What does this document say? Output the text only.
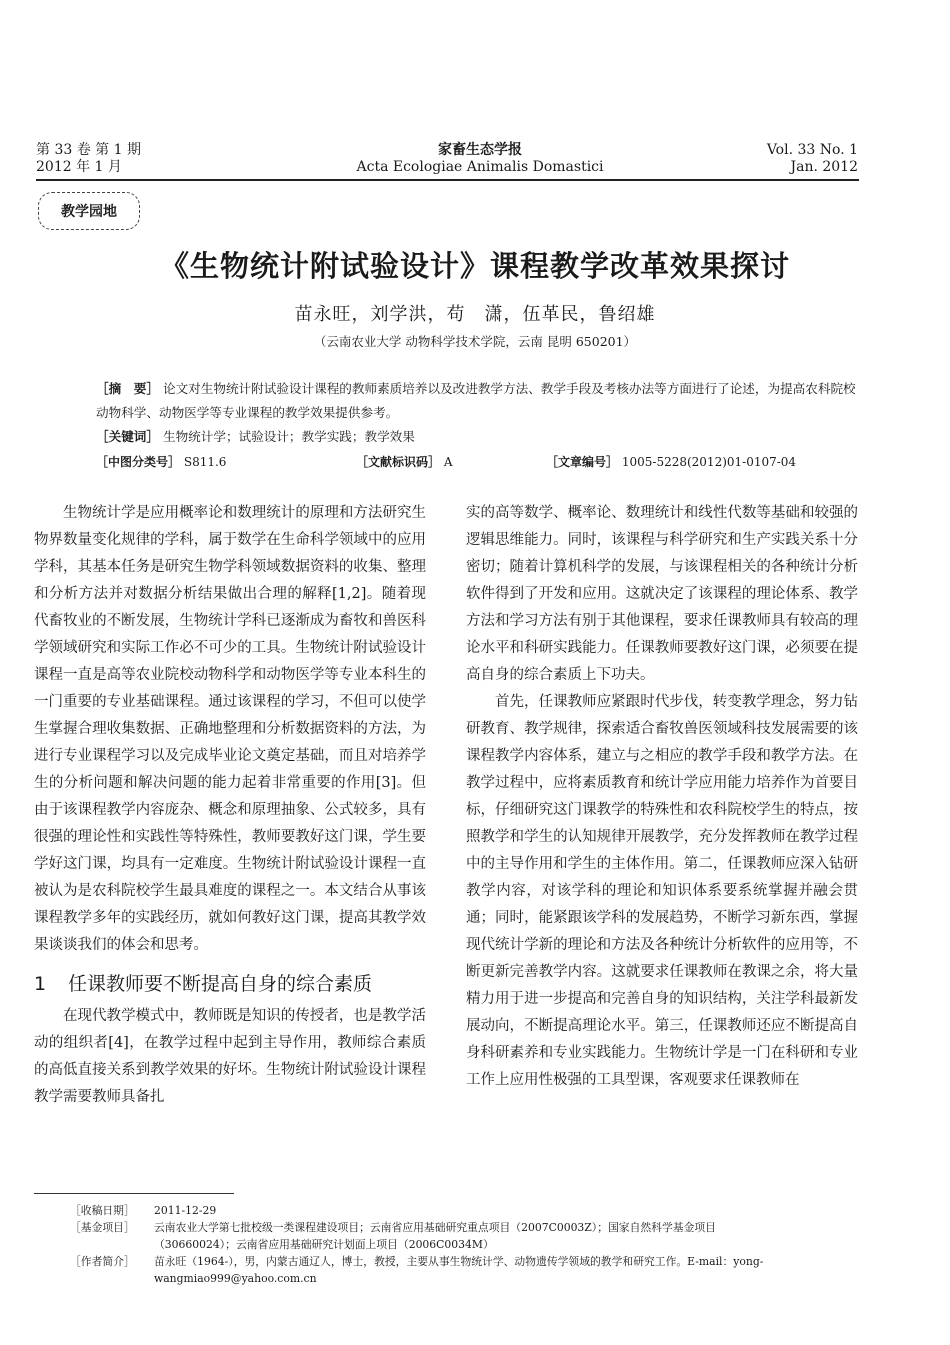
第 33 卷 第 1 期
2012 年 1 月
家畜生态学报
Acta Ecologiae Animalis Domastici
Vol. 33 No. 1
Jan. 2012
教学园地
《生物统计附试验设计》课程教学改革效果探讨
苗永旺，刘学洪，苟　潇，伍革民，鲁绍雄
（云南农业大学 动物科学技术学院，云南 昆明 650201）
［摘　要］ 论文对生物统计附试验设计课程的教师素质培养以及改进教学方法、教学手段及考核办法等方面进行了论述，为提高农科院校动物科学、动物医学等专业课程的教学效果提供参考。
［关键词］ 生物统计学；试验设计；教学实践；教学效果
［中图分类号］ S811.6	［文献标识码］ A	［文章编号］ 1005-5228(2012)01-0107-04

生物统计学是应用概率论和数理统计的原理和方法研究生物界数量变化规律的学科，属于数学在生命科学领域中的应用学科，其基本任务是研究生物学科领域数据资料的收集、整理和分析方法并对数据分析结果做出合理的解释[1,2]。随着现代畜牧业的不断发展，生物统计学科已逐渐成为畜牧和兽医科学领域研究和实际工作必不可少的工具。生物统计附试验设计课程一直是高等农业院校动物科学和动物医学等专业本科生的一门重要的专业基础课程。通过该课程的学习，不但可以使学生掌握合理收集数据、正确地整理和分析数据资料的方法，为进行专业课程学习以及完成毕业论文奠定基础，而且对培养学生的分析问题和解决问题的能力起着非常重要的作用[3]。但由于该课程教学内容庞杂、概念和原理抽象、公式较多，具有很强的理论性和实践性等特殊性，教师要教好这门课，学生要学好这门课，均具有一定难度。生物统计附试验设计课程一直被认为是农科院校学生最具难度的课程之一。本文结合从事该课程教学多年的实践经历，就如何教好这门课，提高其教学效果谈谈我们的体会和思考。

1 任课教师要不断提高自身的综合素质

在现代教学模式中，教师既是知识的传授者，也是教学活动的组织者[4]，在教学过程中起到主导作用，教师综合素质的高低直接关系到教学效果的好坏。生物统计附试验设计课程教学需要教师具备扎

实的高等数学、概率论、数理统计和线性代数等基础和较强的逻辑思维能力。同时，该课程与科学研究和生产实践关系十分密切；随着计算机科学的发展，与该课程相关的各种统计分析软件得到了开发和应用。这就决定了该课程的理论体系、教学方法和学习方法有别于其他课程，要求任课教师具有较高的理论水平和科研实践能力。任课教师要教好这门课，必须要在提高自身的综合素质上下功夫。

首先，任课教师应紧跟时代步伐，转变教学理念，努力钻研教育、教学规律，探索适合畜牧兽医领域科技发展需要的该课程教学内容体系，建立与之相应的教学手段和教学方法。在教学过程中，应将素质教育和统计学应用能力培养作为首要目标，仔细研究这门课教学的特殊性和农科院校学生的特点，按照教学和学生的认知规律开展教学，充分发挥教师在教学过程中的主导作用和学生的主体作用。第二，任课教师应深入钻研教学内容，对该学科的理论和知识体系要系统掌握并融会贯通；同时，能紧跟该学科的发展趋势，不断学习新东西，掌握现代统计学新的理论和方法及各种统计分析软件的应用等，不断更新完善教学内容。这就要求任课教师在教课之余，将大量精力用于进一步提高和完善自身的知识结构，关注学科最新发展动向，不断提高理论水平。第三，任课教师还应不断提高自身科研素养和专业实践能力。生物统计学是一门在科研和专业工作上应用性极强的工具型课，客观要求任课教师在

［收稿日期］	2011-12-29
［基金项目］	云南农业大学第七批校级一类课程建设项目；云南省应用基础研究重点项目（2007C0003Z）；国家自然科学基金项目
（30660024）；云南省应用基础研究计划面上项目（2006C0034M）
［作者简介］	苗永旺（1964-），男，内蒙古通辽人，博士，教授，主要从事生物统计学、动物遗传学领域的教学和研究工作。E-mail：yong-
wangmiao999@yahoo.com.cn
